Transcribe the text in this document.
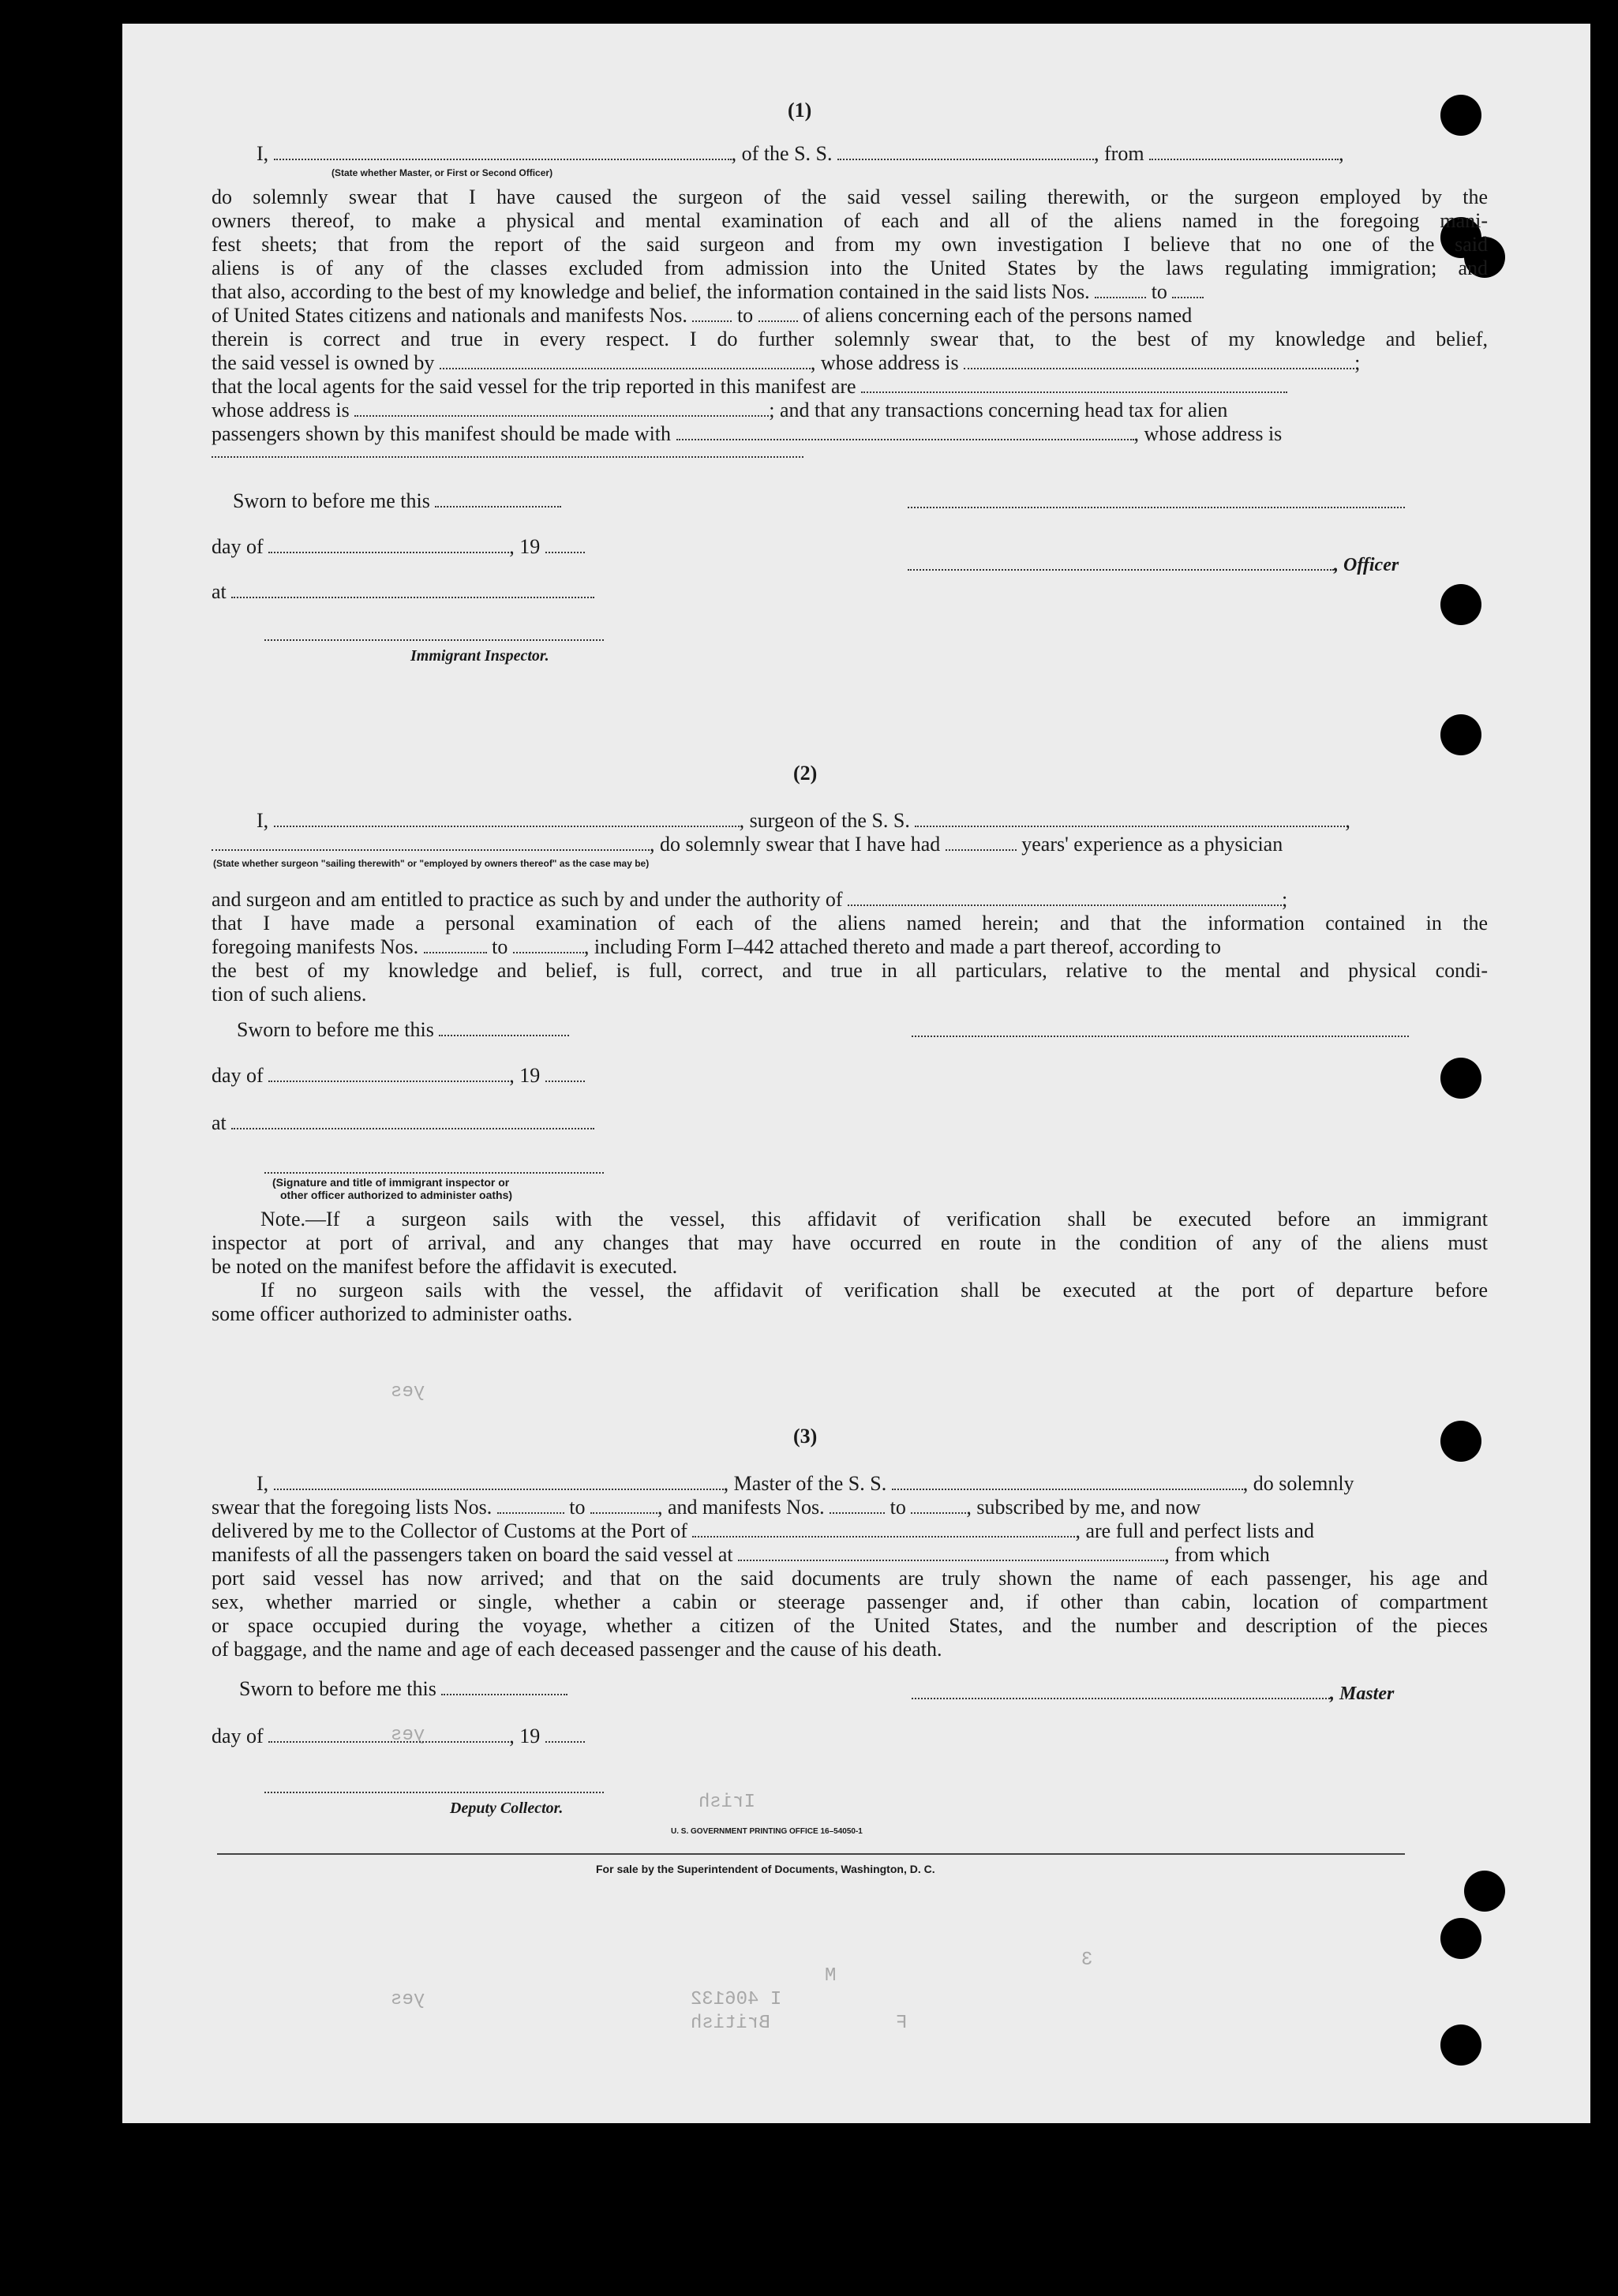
уеѕ
уеѕ
уеѕ
Irish
British
I 406132
M
F
3
(1)
I,	, of the S. S.	, from	,
(State whether Master, or First or Second Officer)
do solemnly swear that I have caused the surgeon of the said vessel sailing therewith, or the surgeon employed by the
owners thereof, to make a physical and mental examination of each and all of the aliens named in the foregoing mani-
fest sheets; that from the report of the said surgeon and from my own investigation I believe that no one of the said
aliens is of any of the classes excluded from admission into the United States by the laws regulating immigration; and
that also, according to the best of my knowledge and belief, the information contained in the said lists Nos.	to
of United States citizens and nationals and manifests Nos. to of aliens concerning each of the persons named
therein is correct and true in every respect. I do further solemnly swear that, to the best of my knowledge and belief,
the said vessel is owned by	, whose address is	;
that the local agents for the said vessel for the trip reported in this manifest are
whose address is	; and that any transactions concerning head tax for alien
passengers shown by this manifest should be made with	, whose address is
Sworn to before me this
day of	, 19
, Officer
at
Immigrant Inspector.
(2)
I,	, surgeon of the S. S.	,
, do solemnly swear that I have had	years' experience as a physician
(State whether surgeon "sailing therewith" or "employed by owners thereof" as the case may be)
and surgeon and am entitled to practice as such by and under the authority of	;
that I have made a personal examination of each of the aliens named herein; and that the information contained in the
foregoing manifests Nos.	to	, including Form I–442 attached thereto and made a part thereof, according to
the best of my knowledge and belief, is full, correct, and true in all particulars, relative to the mental and physical condi-
tion of such aliens.
Sworn to before me this
day of	, 19
at
(Signature and title of immigrant inspector or
other officer authorized to administer oaths)
Note.—If a surgeon sails with the vessel, this affidavit of verification shall be executed before an immigrant
inspector at port of arrival, and any changes that may have occurred en route in the condition of any of the aliens must
be noted on the manifest before the affidavit is executed.
If no surgeon sails with the vessel, the affidavit of verification shall be executed at the port of departure before
some officer authorized to administer oaths.
(3)
I,	, Master of the S. S.	, do solemnly
swear that the foregoing lists Nos.	to	, and manifests Nos.	to	, subscribed by me, and now
delivered by me to the Collector of Customs at the Port of	, are full and perfect lists and
manifests of all the passengers taken on board the said vessel at	, from which
port said vessel has now arrived; and that on the said documents are truly shown the name of each passenger, his age and
sex, whether married or single, whether a cabin or steerage passenger and, if other than cabin, location of compartment
or space occupied during the voyage, whether a citizen of the United States, and the number and description of the pieces
of baggage, and the name and age of each deceased passenger and the cause of his death.
Sworn to before me this	, Master
day of	, 19
Deputy Collector.
U. S. GOVERNMENT PRINTING OFFICE 16–54050-1
For sale by the Superintendent of Documents, Washington, D. C.
